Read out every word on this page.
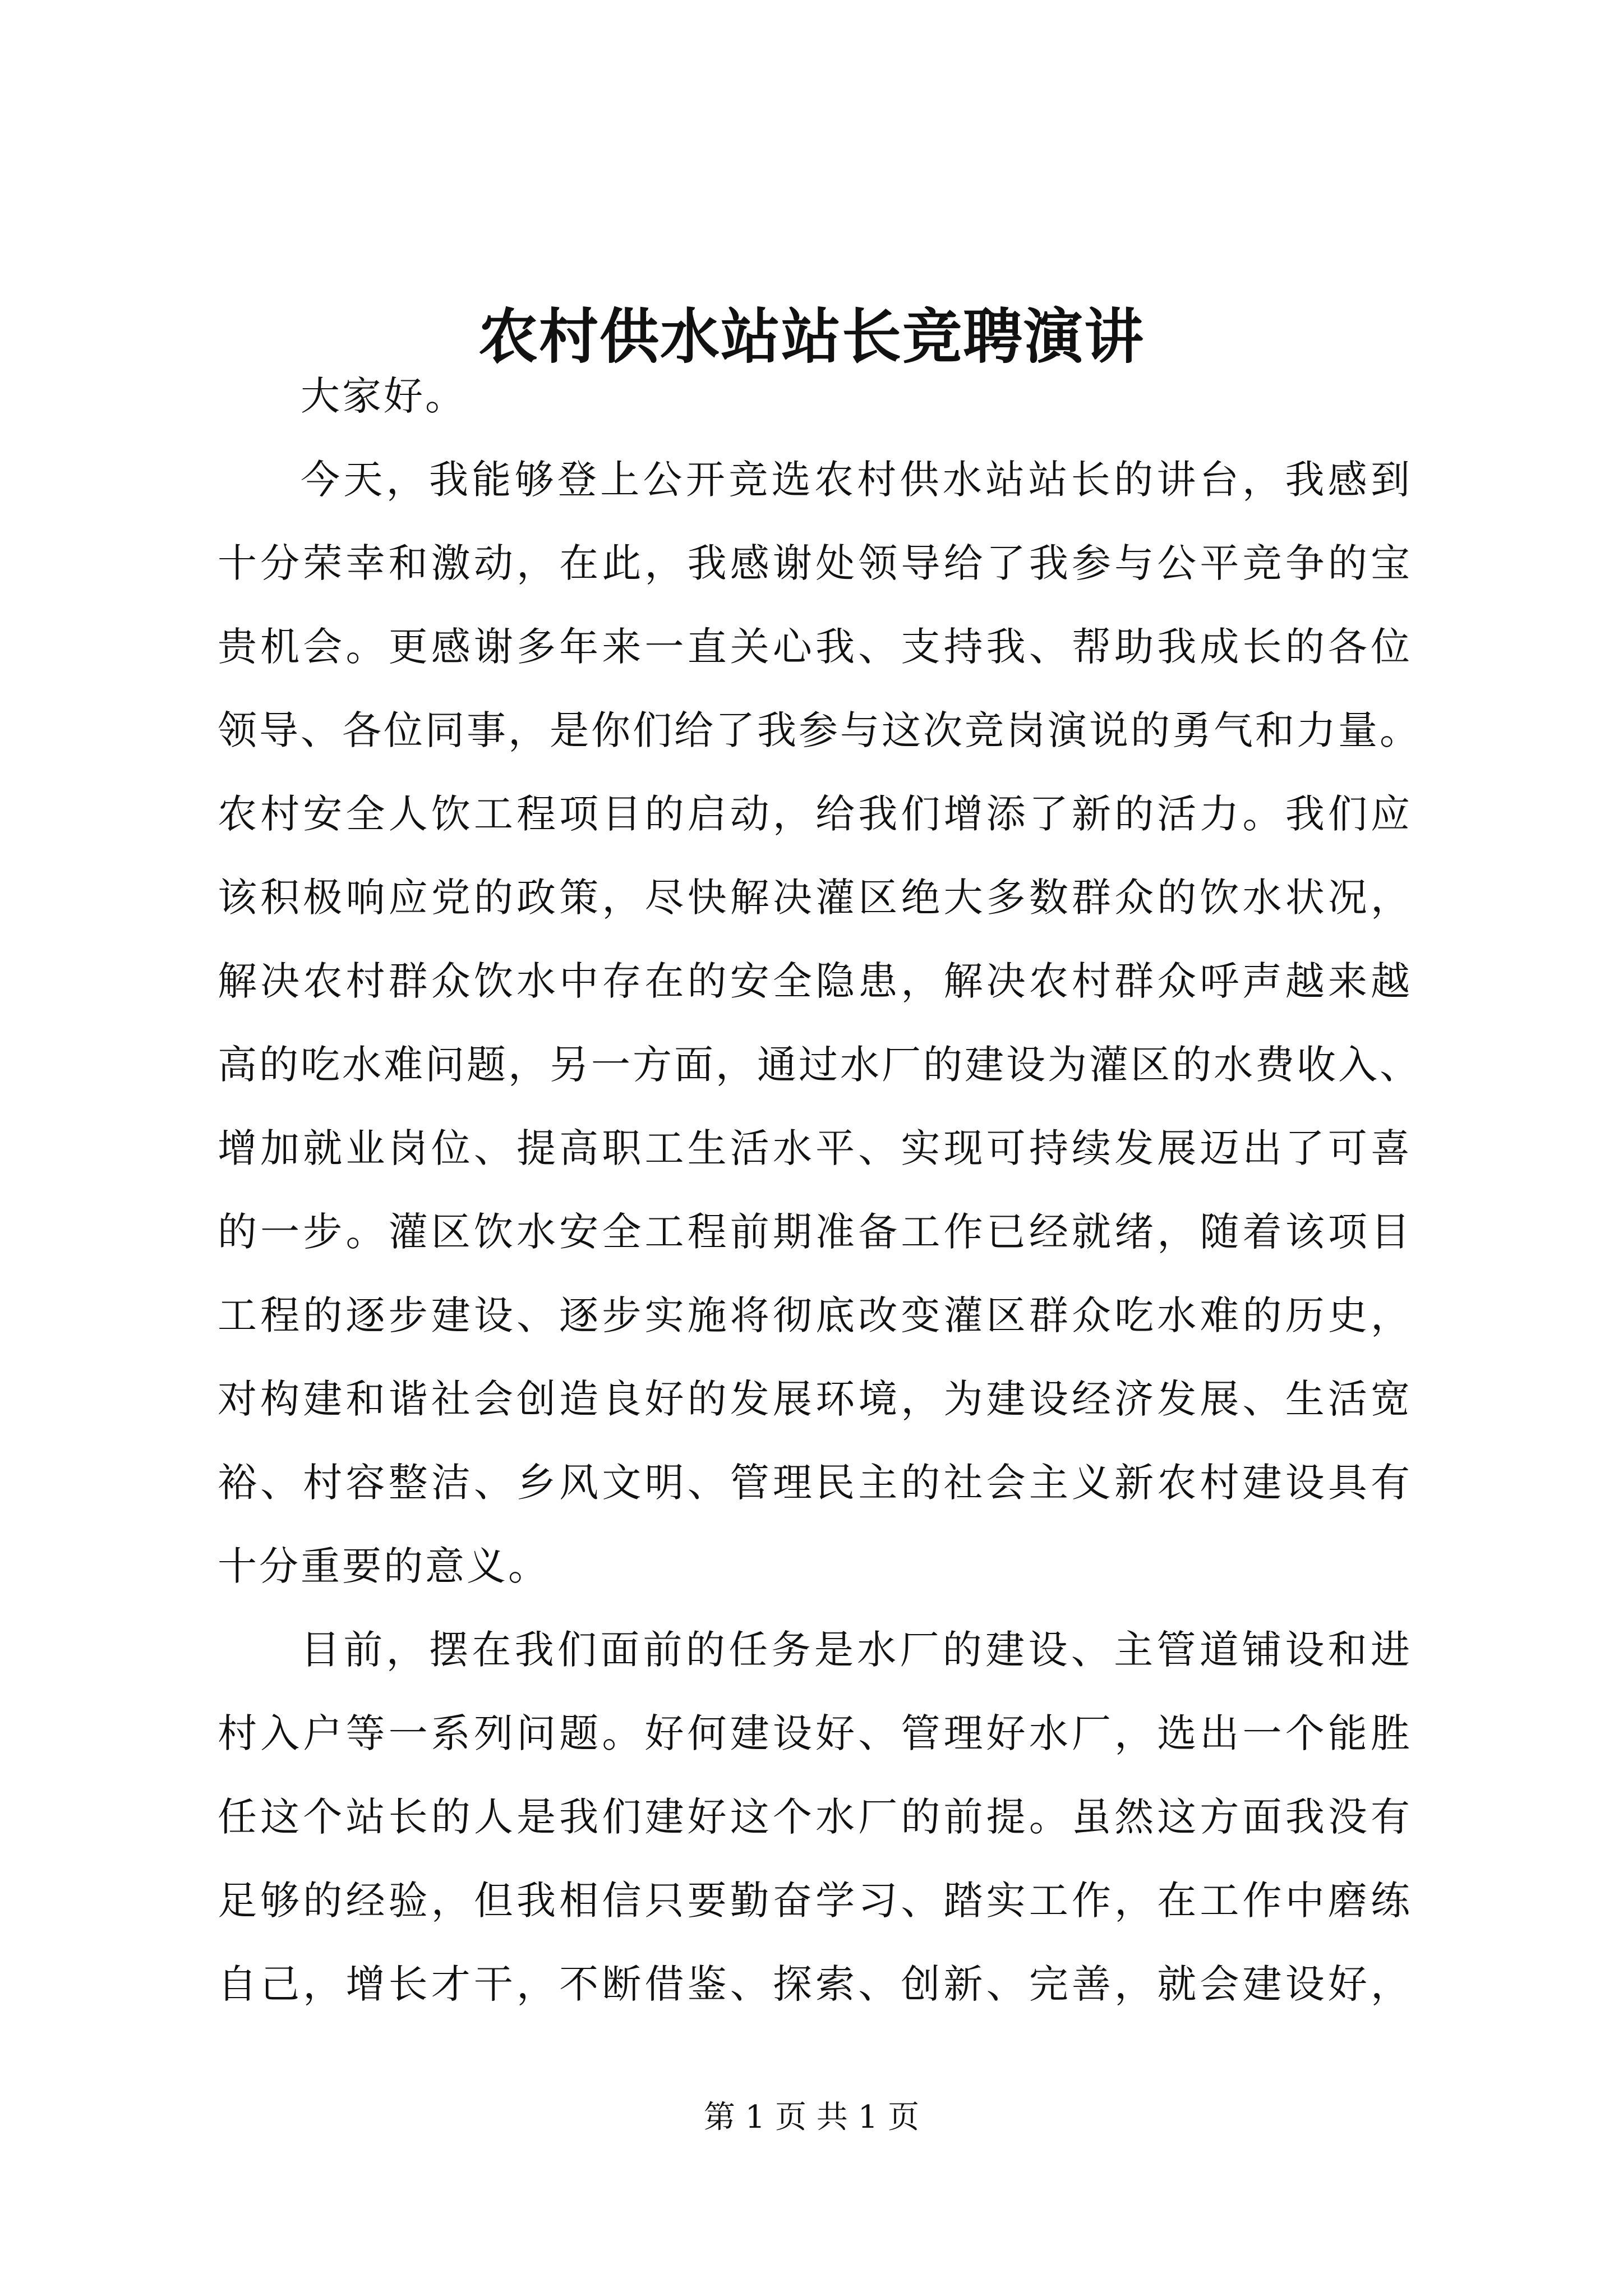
农村供水站站长竞聘演讲
大家好。
今天，我能够登上公开竞选农村供水站站长的讲台，我感到
十分荣幸和激动，在此，我感谢处领导给了我参与公平竞争的宝
贵机会。更感谢多年来一直关心我、支持我、帮助我成长的各位
领导、各位同事，是你们给了我参与这次竞岗演说的勇气和力量。
农村安全人饮工程项目的启动，给我们增添了新的活力。我们应
该积极响应党的政策，尽快解决灌区绝大多数群众的饮水状况，
解决农村群众饮水中存在的安全隐患，解决农村群众呼声越来越
高的吃水难问题，另一方面，通过水厂的建设为灌区的水费收入、
增加就业岗位、提高职工生活水平、实现可持续发展迈出了可喜
的一步。灌区饮水安全工程前期准备工作已经就绪，随着该项目
工程的逐步建设、逐步实施将彻底改变灌区群众吃水难的历史，
对构建和谐社会创造良好的发展环境，为建设经济发展、生活宽
裕、村容整洁、乡风文明、管理民主的社会主义新农村建设具有
十分重要的意义。
目前，摆在我们面前的任务是水厂的建设、主管道铺设和进
村入户等一系列问题。好何建设好、管理好水厂，选出一个能胜
任这个站长的人是我们建好这个水厂的前提。虽然这方面我没有
足够的经验，但我相信只要勤奋学习、踏实工作，在工作中磨练
自己，增长才干，不断借鉴、探索、创新、完善，就会建设好，
第 1 页 共 1 页
